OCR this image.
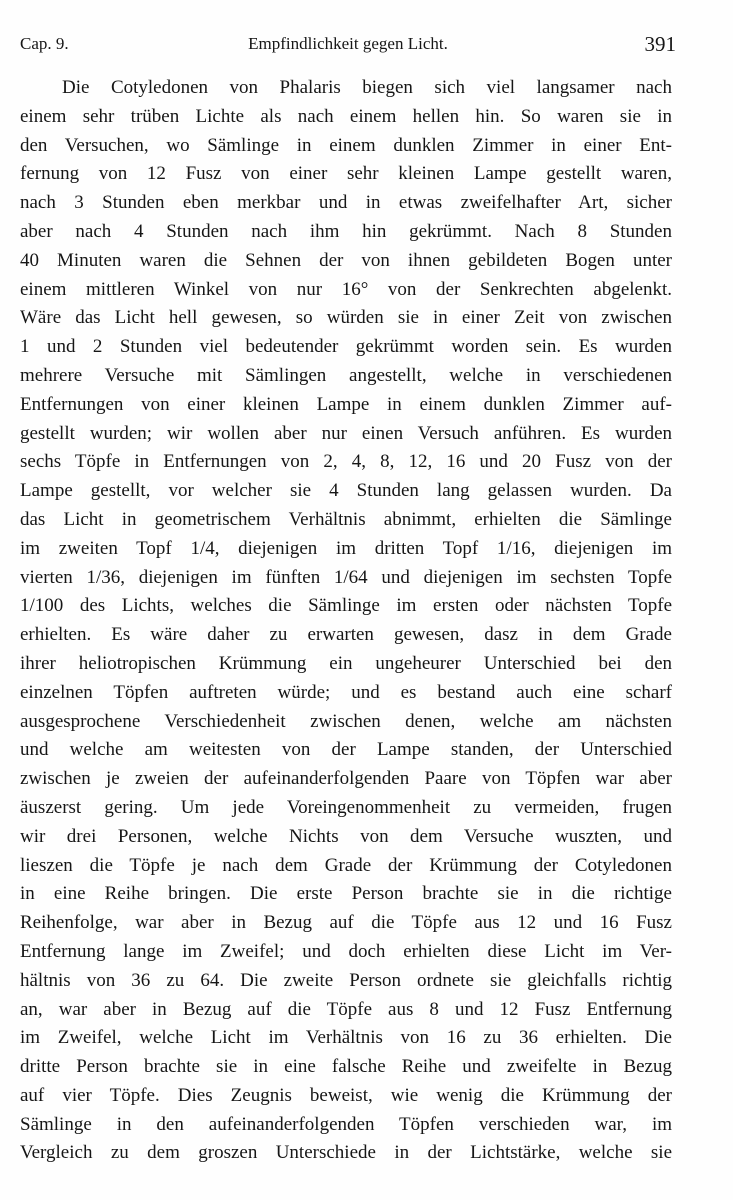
Cap. 9.	Empfindlichkeit gegen Licht.	391
Die Cotyledonen von Phalaris biegen sich viel langsamer nach
einem sehr trüben Lichte als nach einem hellen hin. So waren sie in
den Versuchen, wo Sämlinge in einem dunklen Zimmer in einer Ent-
fernung von 12 Fusz von einer sehr kleinen Lampe gestellt waren,
nach 3 Stunden eben merkbar und in etwas zweifelhafter Art, sicher
aber nach 4 Stunden nach ihm hin gekrümmt. Nach 8 Stunden
40 Minuten waren die Sehnen der von ihnen gebildeten Bogen unter
einem mittleren Winkel von nur 16° von der Senkrechten abgelenkt.
Wäre das Licht hell gewesen, so würden sie in einer Zeit von zwischen
1 und 2 Stunden viel bedeutender gekrümmt worden sein. Es wurden
mehrere Versuche mit Sämlingen angestellt, welche in verschiedenen
Entfernungen von einer kleinen Lampe in einem dunklen Zimmer auf-
gestellt wurden; wir wollen aber nur einen Versuch anführen. Es wurden
sechs Töpfe in Entfernungen von 2, 4, 8, 12, 16 und 20 Fusz von der
Lampe gestellt, vor welcher sie 4 Stunden lang gelassen wurden. Da
das Licht in geometrischem Verhältnis abnimmt, erhielten die Sämlinge
im zweiten Topf 1/4, diejenigen im dritten Topf 1/16, diejenigen im
vierten 1/36, diejenigen im fünften 1/64 und diejenigen im sechsten Topfe
1/100 des Lichts, welches die Sämlinge im ersten oder nächsten Topfe
erhielten. Es wäre daher zu erwarten gewesen, dasz in dem Grade
ihrer heliotropischen Krümmung ein ungeheurer Unterschied bei den
einzelnen Töpfen auftreten würde; und es bestand auch eine scharf
ausgesprochene Verschiedenheit zwischen denen, welche am nächsten
und welche am weitesten von der Lampe standen, der Unterschied
zwischen je zweien der aufeinanderfolgenden Paare von Töpfen war aber
äuszerst gering. Um jede Voreingenommenheit zu vermeiden, frugen
wir drei Personen, welche Nichts von dem Versuche wuszten, und
lieszen die Töpfe je nach dem Grade der Krümmung der Cotyledonen
in eine Reihe bringen. Die erste Person brachte sie in die richtige
Reihenfolge, war aber in Bezug auf die Töpfe aus 12 und 16 Fusz
Entfernung lange im Zweifel; und doch erhielten diese Licht im Ver-
hältnis von 36 zu 64. Die zweite Person ordnete sie gleichfalls richtig
an, war aber in Bezug auf die Töpfe aus 8 und 12 Fusz Entfernung
im Zweifel, welche Licht im Verhältnis von 16 zu 36 erhielten. Die
dritte Person brachte sie in eine falsche Reihe und zweifelte in Bezug
auf vier Töpfe. Dies Zeugnis beweist, wie wenig die Krümmung der
Sämlinge in den aufeinanderfolgenden Töpfen verschieden war, im
Vergleich zu dem groszen Unterschiede in der Lichtstärke, welche sie
